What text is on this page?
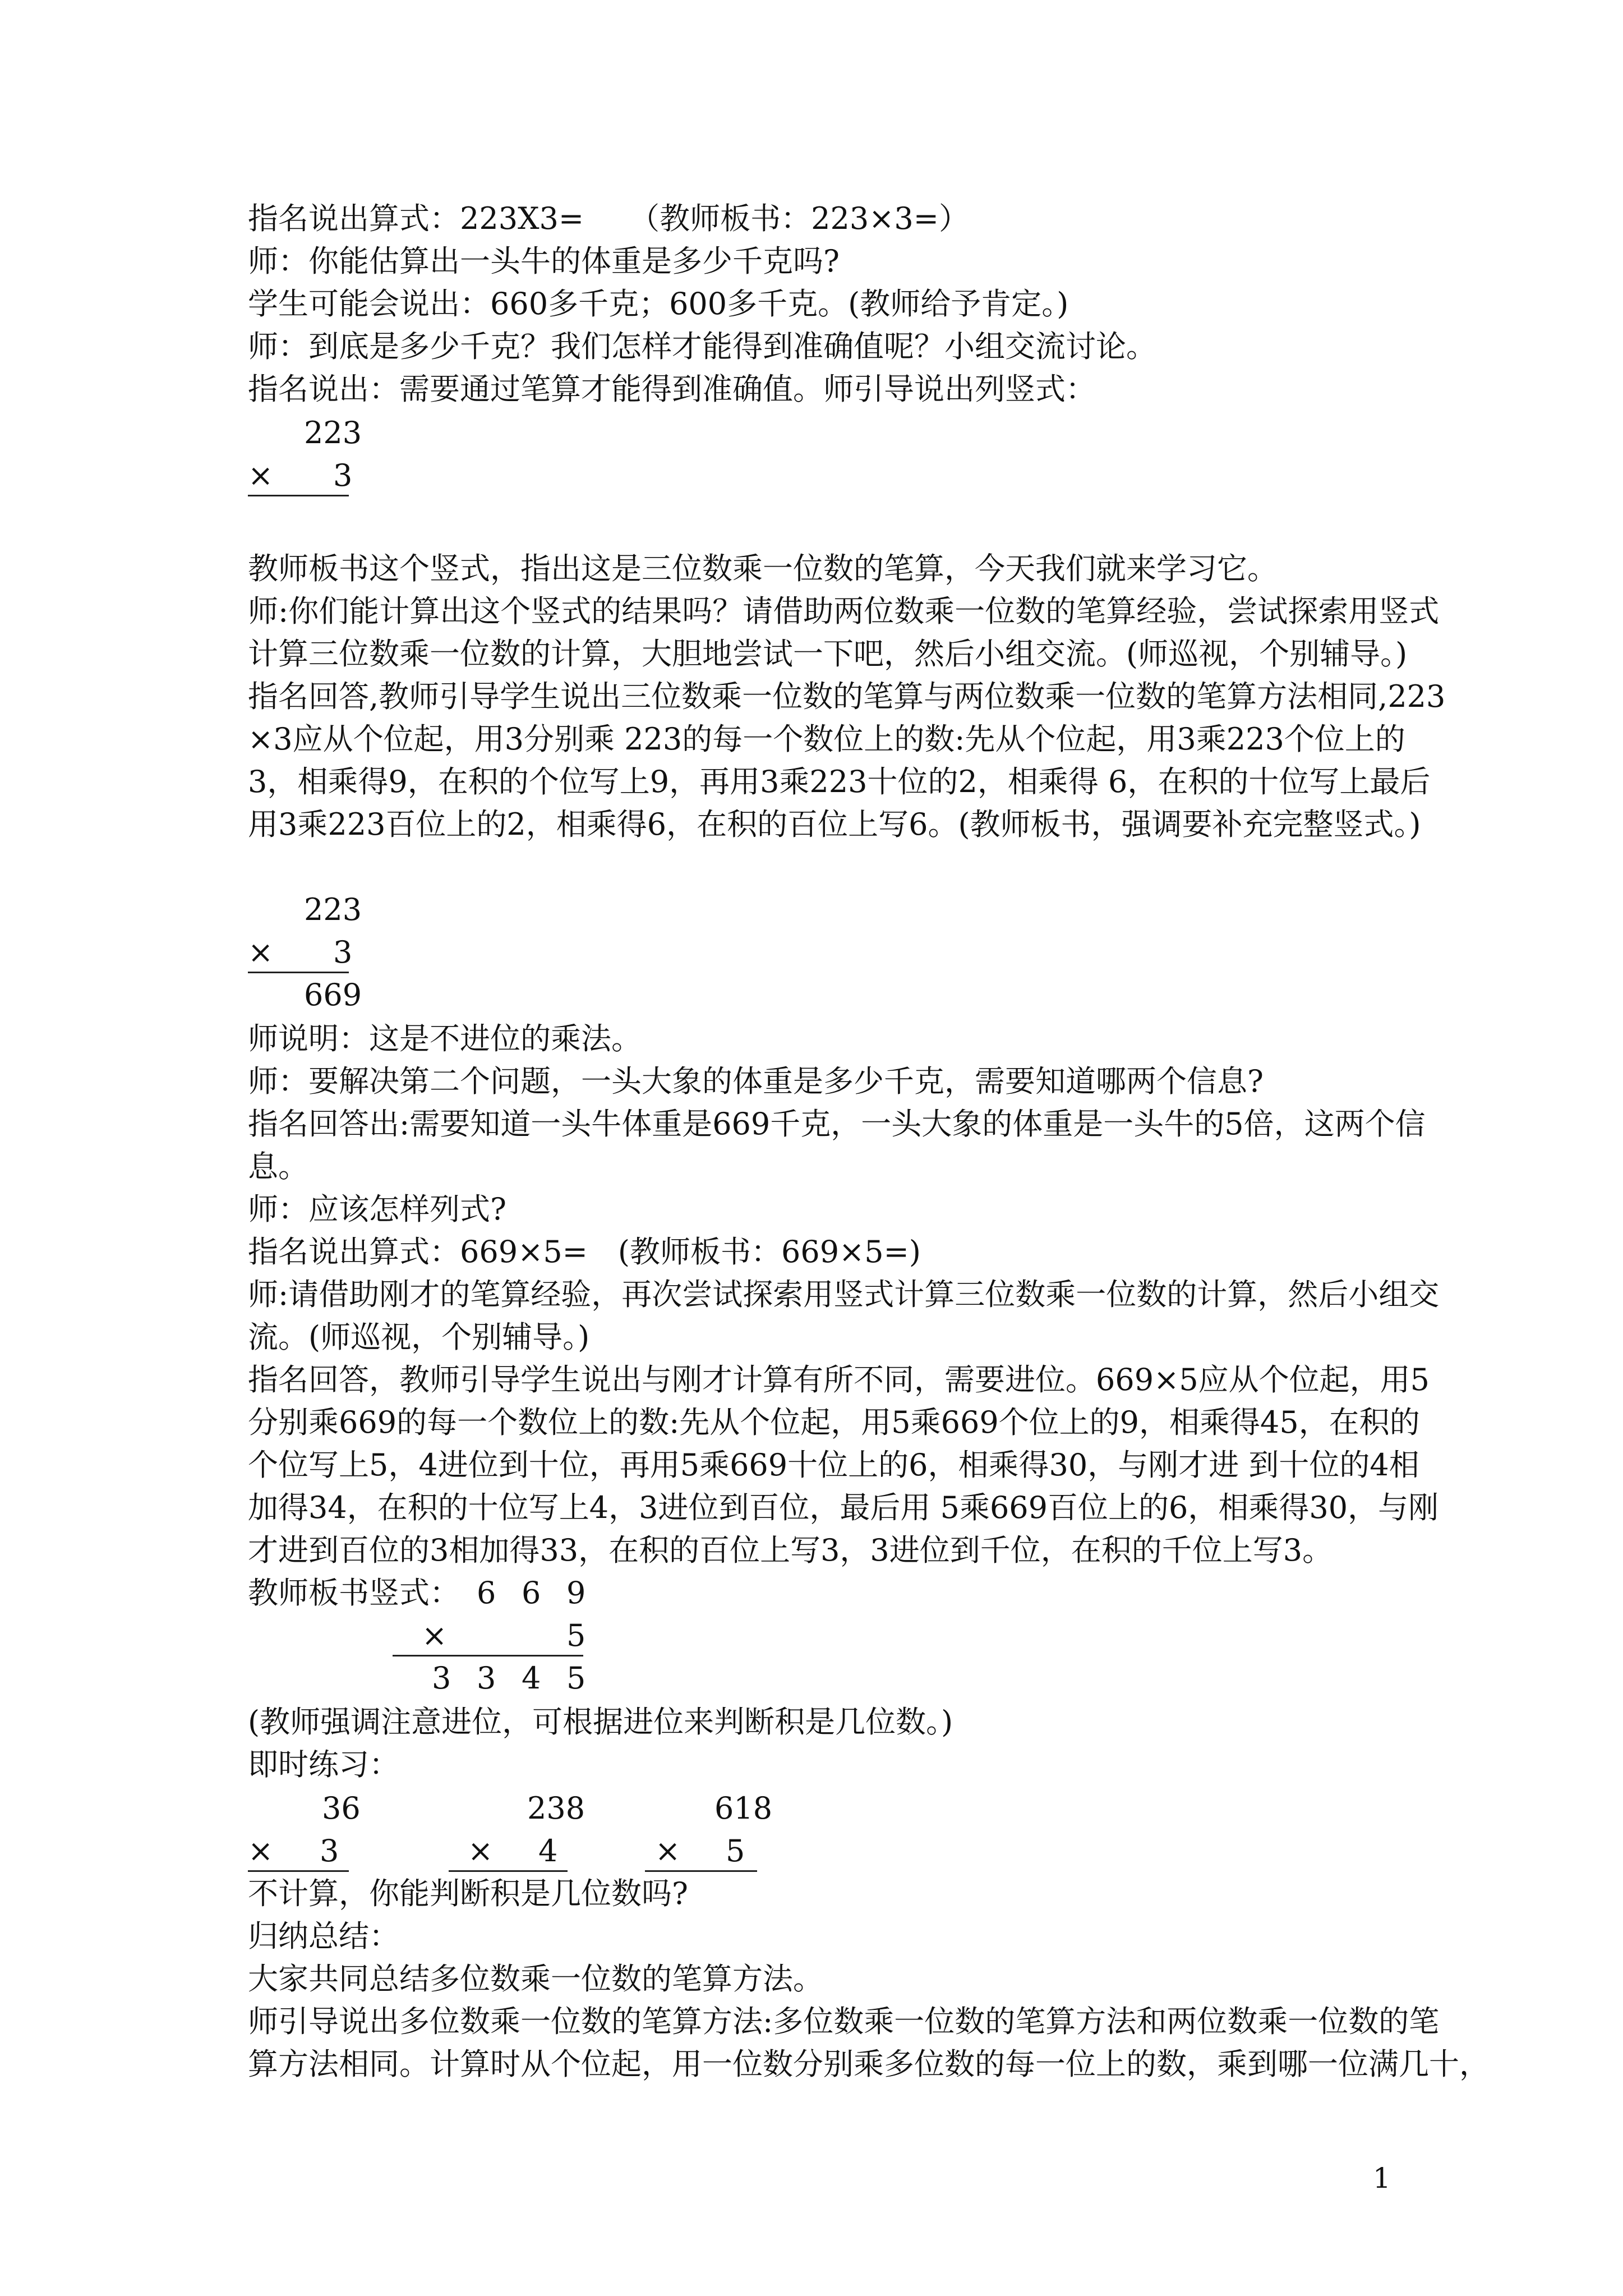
指名说出算式：223X3=　　（教师板书：223×3=）
师：你能估算出一头牛的体重是多少千克吗?
学生可能会说出：660多千克；600多千克。(教师给予肯定。)
师：到底是多少千克？我们怎样才能得到准确值呢？小组交流讨论。
指名说出：需要通过笔算才能得到准确值。师引导说出列竖式：
223
× 3
教师板书这个竖式，指出这是三位数乘一位数的笔算，今天我们就来学习它。
师:你们能计算出这个竖式的结果吗？请借助两位数乘一位数的笔算经验，尝试探索用竖式
计算三位数乘一位数的计算，大胆地尝试一下吧，然后小组交流。(师巡视，个别辅导。)
指名回答,教师引导学生说出三位数乘一位数的笔算与两位数乘一位数的笔算方法相同,223
×3应从个位起，用3分别乘 223的每一个数位上的数:先从个位起，用3乘223个位上的
3，相乘得9，在积的个位写上9，再用3乘223十位的2，相乘得 6，在积的十位写上最后
用3乘223百位上的2，相乘得6，在积的百位上写6。(教师板书，强调要补充完整竖式。)
223
× 3
669
师说明：这是不进位的乘法。
师：要解决第二个问题，一头大象的体重是多少千克，需要知道哪两个信息?
指名回答出:需要知道一头牛体重是669千克，一头大象的体重是一头牛的5倍，这两个信
息。
师：应该怎样列式?
指名说出算式：669×5=　(教师板书：669×5=)
师:请借助刚才的笔算经验，再次尝试探索用竖式计算三位数乘一位数的计算，然后小组交
流。(师巡视，个别辅导。)
指名回答，教师引导学生说出与刚才计算有所不同，需要进位。669×5应从个位起，用5
分别乘669的每一个数位上的数:先从个位起，用5乘669个位上的9，相乘得45，在积的
个位写上5，4进位到十位，再用5乘669十位上的6，相乘得30，与刚才进 到十位的4相
加得34，在积的十位写上4，3进位到百位，最后用 5乘669百位上的6，相乘得30，与刚
才进到百位的3相加得33，在积的百位上写3，3进位到千位，在积的千位上写3。
教师板书竖式： 6 6 9
×	5
3 3 4 5
(教师强调注意进位，可根据进位来判断积是几位数。)
即时练习：
36
× 3
238
× 4
618
× 5
不计算，你能判断积是几位数吗?
归纳总结：
大家共同总结多位数乘一位数的笔算方法。
师引导说出多位数乘一位数的笔算方法:多位数乘一位数的笔算方法和两位数乘一位数的笔
算方法相同。计算时从个位起，用一位数分别乘多位数的每一位上的数，乘到哪一位满几十，
1
